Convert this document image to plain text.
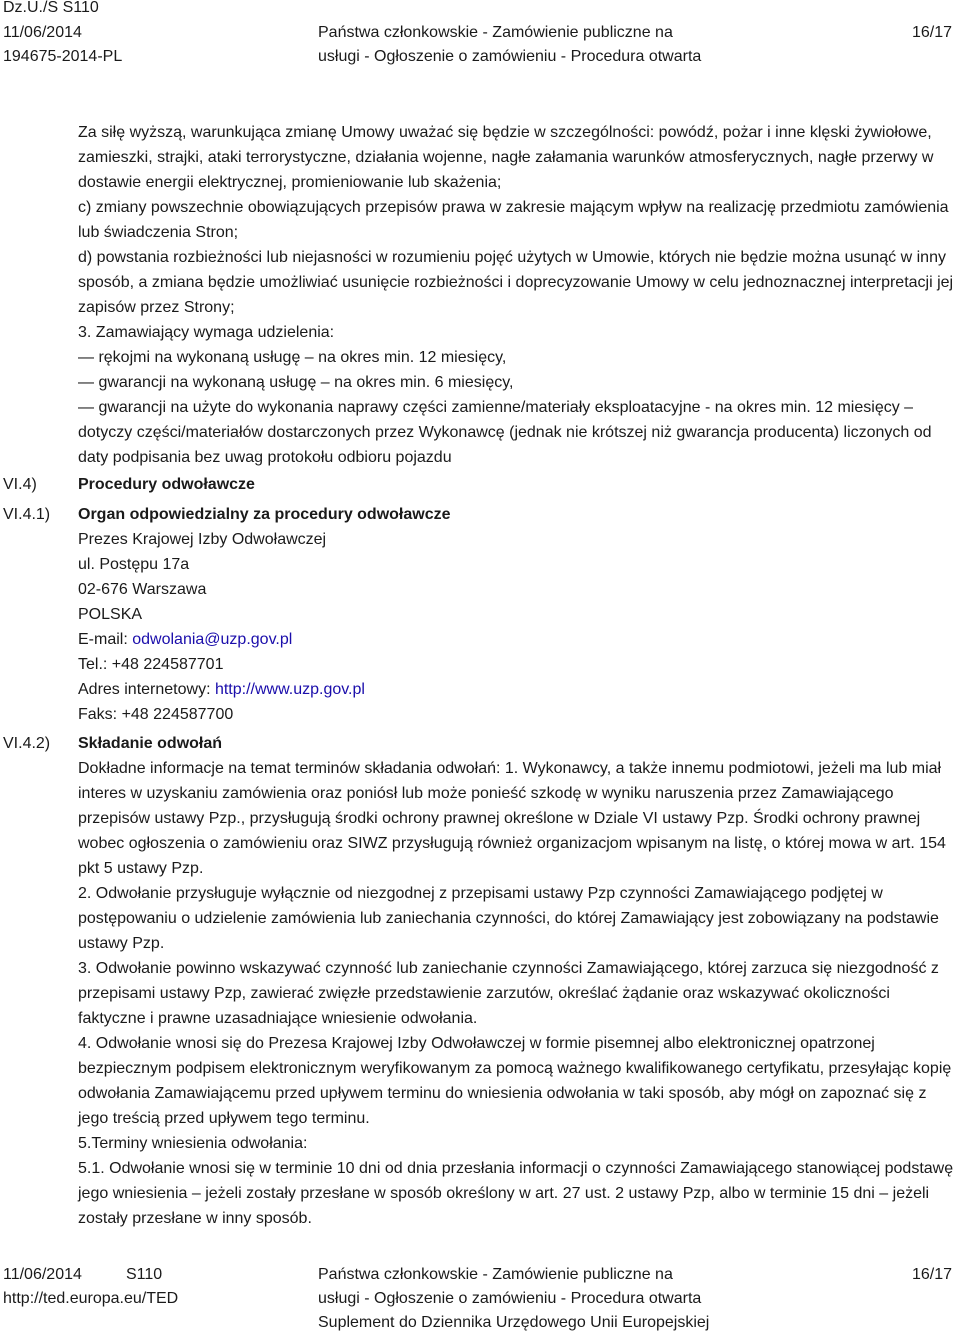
Dz.U./S S110
11/06/2014
194675-2014-PL
Państwa członkowskie - Zamówienie publiczne na
usługi - Ogłoszenie o zamówieniu - Procedura otwarta
16/17
VI.4)
VI.4.1)
VI.4.2)

Za siłę wyższą, warunkująca zmianę Umowy uważać się będzie w szczególności: powódź, pożar i inne klęski żywiołowe, zamieszki, strajki, ataki terrorystyczne, działania wojenne, nagłe załamania warunków atmosferycznych, nagłe przerwy w dostawie energii elektrycznej, promieniowanie lub skażenia;

c) zmiany powszechnie obowiązujących przepisów prawa w zakresie mającym wpływ na realizację przedmiotu zamówienia lub świadczenia Stron;

d) powstania rozbieżności lub niejasności w rozumieniu pojęć użytych w Umowie, których nie będzie można usunąć w inny sposób, a zmiana będzie umożliwiać usunięcie rozbieżności i doprecyzowanie Umowy w celu jednoznacznej interpretacji jej zapisów przez Strony;

3. Zamawiający wymaga udzielenia:

— rękojmi na wykonaną usługę – na okres min. 12 miesięcy,

— gwarancji na wykonaną usługę – na okres min. 6 miesięcy,

— gwarancji na użyte do wykonania naprawy części zamienne/materiały eksploatacyjne - na okres min. 12 miesięcy – dotyczy części/materiałów dostarczonych przez Wykonawcę (jednak nie krótszej niż gwarancja producenta) liczonych od daty podpisania bez uwag protokołu odbioru pojazdu

Procedury odwoławcze

Organ odpowiedzialny za procedury odwoławcze

Prezes Krajowej Izby Odwoławczej

ul. Postępu 17a

02-676 Warszawa

POLSKA

E-mail: odwolania@uzp.gov.pl

Tel.: +48 224587701

Adres internetowy: http://www.uzp.gov.pl

Faks: +48 224587700

Składanie odwołań

Dokładne informacje na temat terminów składania odwołań: 1. Wykonawcy, a także innemu podmiotowi, jeżeli ma lub miał interes w uzyskaniu zamówienia oraz poniósł lub może ponieść szkodę w wyniku naruszenia przez Zamawiającego przepisów ustawy Pzp., przysługują środki ochrony prawnej określone w Dziale VI ustawy Pzp. Środki ochrony prawnej wobec ogłoszenia o zamówieniu oraz SIWZ przysługują również organizacjom wpisanym na listę, o której mowa w art. 154 pkt 5 ustawy Pzp.

2. Odwołanie przysługuje wyłącznie od niezgodnej z przepisami ustawy Pzp czynności Zamawiającego podjętej w postępowaniu o udzielenie zamówienia lub zaniechania czynności, do której Zamawiający jest zobowiązany na podstawie ustawy Pzp.

3. Odwołanie powinno wskazywać czynność lub zaniechanie czynności Zamawiającego, której zarzuca się niezgodność z przepisami ustawy Pzp, zawierać zwięzłe przedstawienie zarzutów, określać żądanie oraz wskazywać okoliczności faktyczne i prawne uzasadniające wniesienie odwołania.

4. Odwołanie wnosi się do Prezesa Krajowej Izby Odwoławczej w formie pisemnej albo elektronicznej opatrzonej bezpiecznym podpisem elektronicznym weryfikowanym za pomocą ważnego kwalifikowanego certyfikatu, przesyłając kopię odwołania Zamawiającemu przed upływem terminu do wniesienia odwołania w taki sposób, aby mógł on zapoznać się z jego treścią przed upływem tego terminu.

5.Terminy wniesienia odwołania:

5.1. Odwołanie wnosi się w terminie 10 dni od dnia przesłania informacji o czynności Zamawiającego stanowiącej podstawę jego wniesienia – jeżeli zostały przesłane w sposób określony w art. 27 ust. 2 ustawy Pzp, albo w terminie 15 dni – jeżeli zostały przesłane w inny sposób.

11/06/2014	S110
http://ted.europa.eu/TED
Państwa członkowskie - Zamówienie publiczne na
usługi - Ogłoszenie o zamówieniu - Procedura otwarta
Suplement do Dziennika Urzędowego Unii Europejskiej
16/17
